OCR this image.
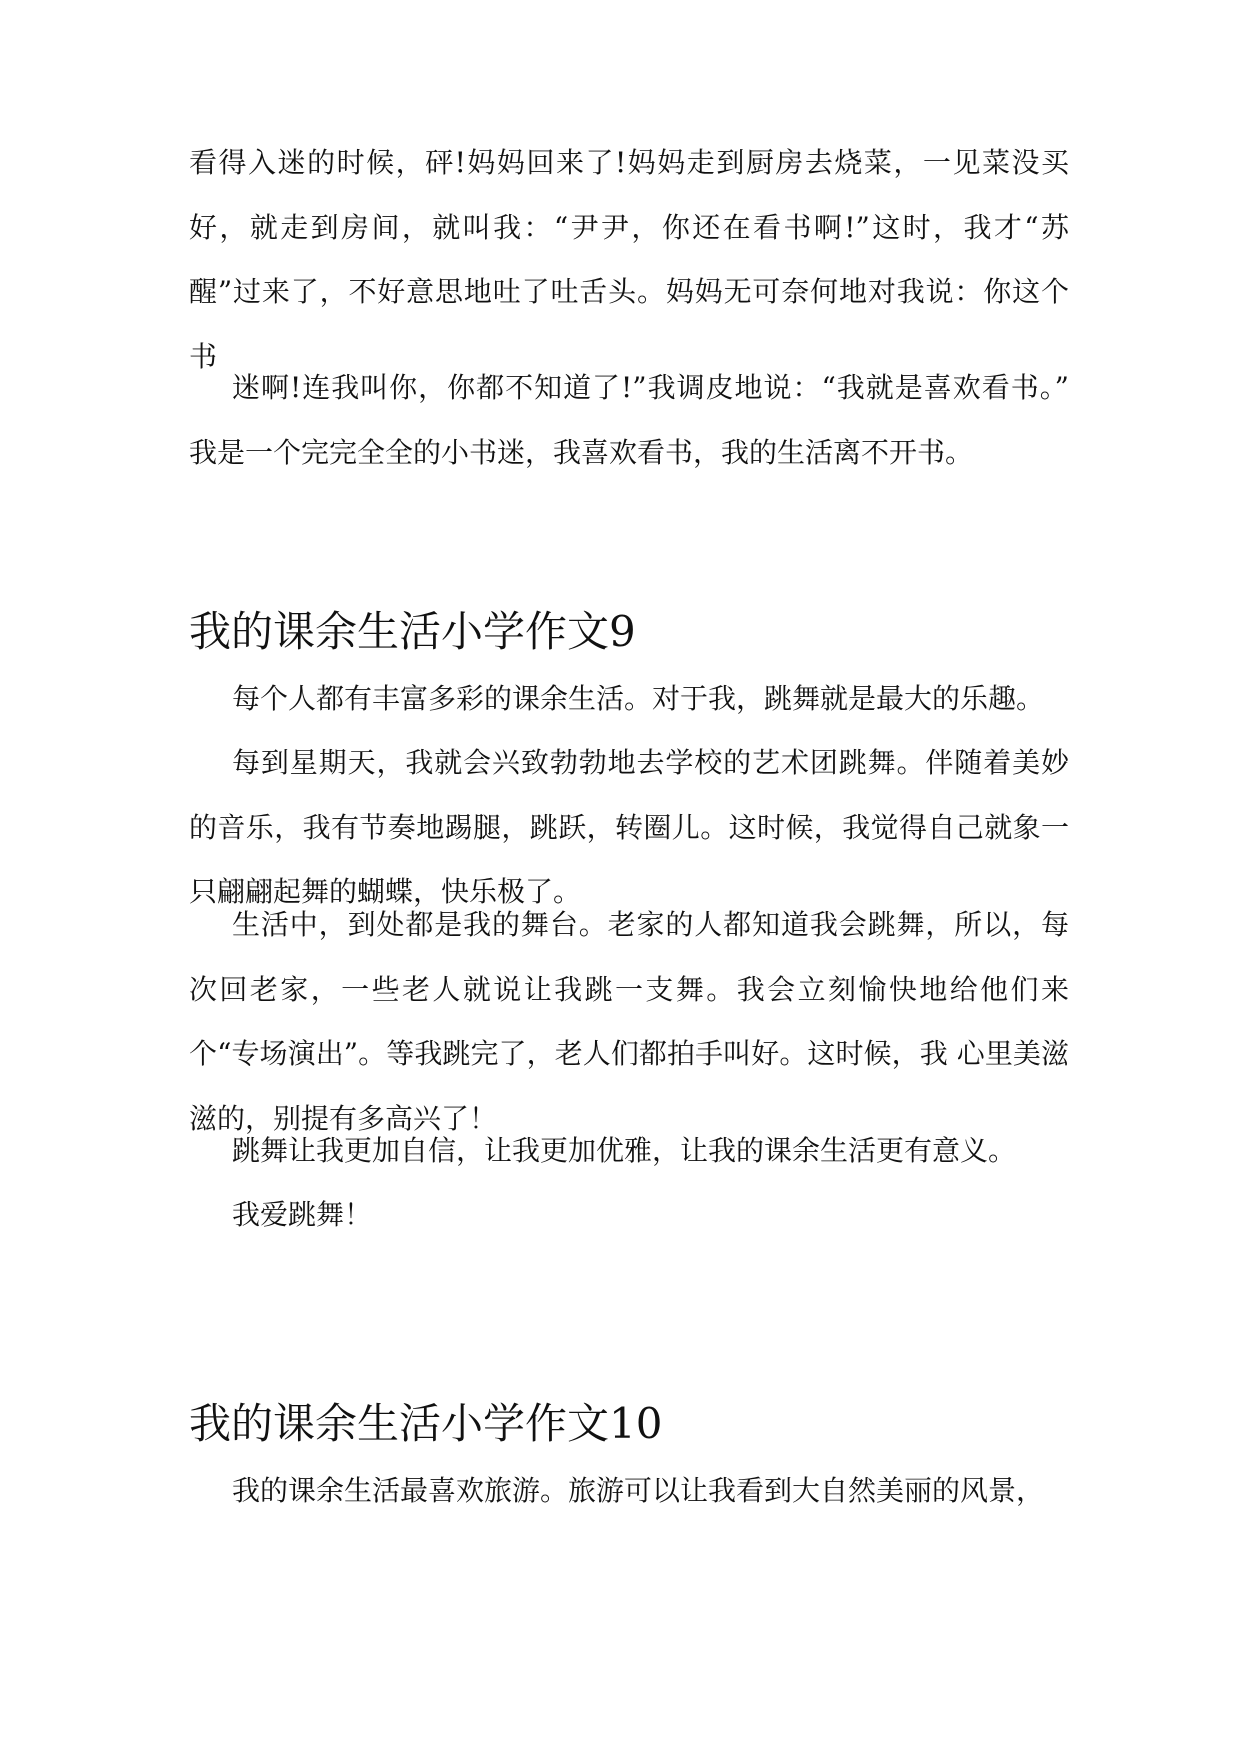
看得入迷的时候，砰!妈妈回来了!妈妈走到厨房去烧菜，一见菜没买好，就走到房间，就叫我：“尹尹，你还在看书啊!”这时，我才“苏醒”过来了，不好意思地吐了吐舌头。妈妈无可奈何地对我说：你这个书

迷啊!连我叫你，你都不知道了!”我调皮地说：“我就是喜欢看书。”　我是一个完完全全的小书迷，我喜欢看书，我的生活离不开书。

我的课余生活小学作文9

每个人都有丰富多彩的课余生活。对于我，跳舞就是最大的乐趣。

每到星期天，我就会兴致勃勃地去学校的艺术团跳舞。伴随着美妙的音乐，我有节奏地踢腿，跳跃，转圈儿。这时候，我觉得自己就象一只翩翩起舞的蝴蝶，快乐极了。

生活中，到处都是我的舞台。老家的人都知道我会跳舞，所以，每次回老家，一些老人就说让我跳一支舞。我会立刻愉快地给他们来个“专场演出”。等我跳完了，老人们都拍手叫好。这时候，我 心里美滋滋的，别提有多高兴了！

跳舞让我更加自信，让我更加优雅，让我的课余生活更有意义。

我爱跳舞！

我的课余生活小学作文10

我的课余生活最喜欢旅游。旅游可以让我看到大自然美丽的风景，
